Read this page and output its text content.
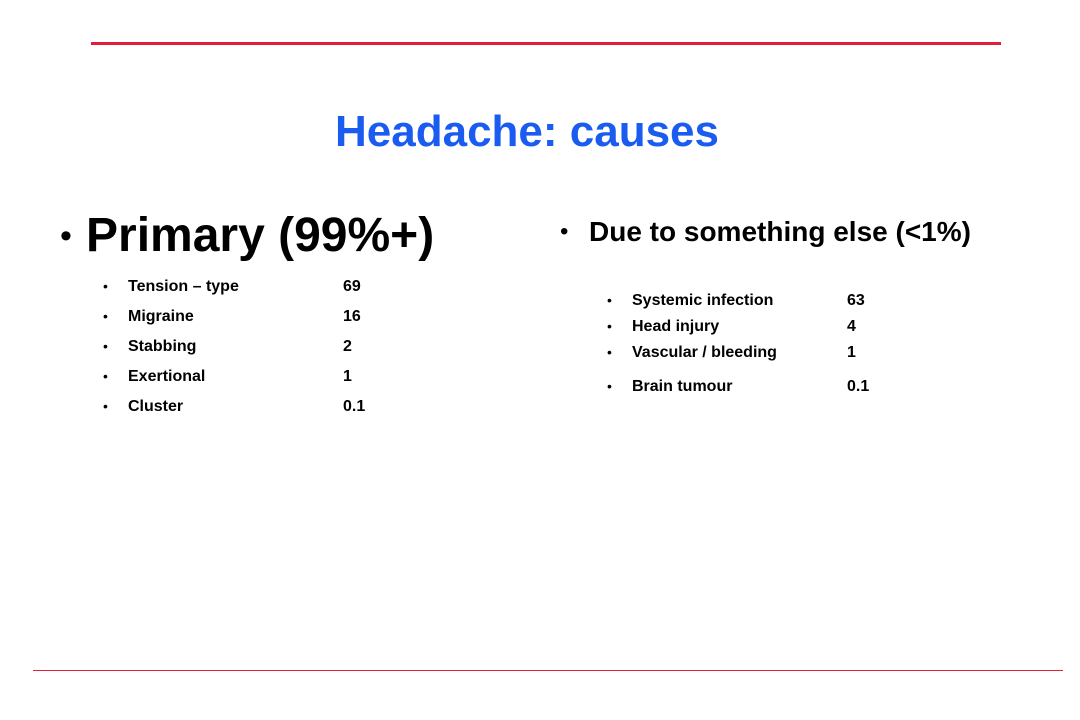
Headache: causes
• Primary (99%+)
• Tension – type	69
• Migraine	16
• Stabbing	2
• Exertional	1
• Cluster	0.1
• Due to something else (<1%)
• Systemic infection	63
• Head injury	4
• Vascular / bleeding	1
• Brain tumour	0.1
